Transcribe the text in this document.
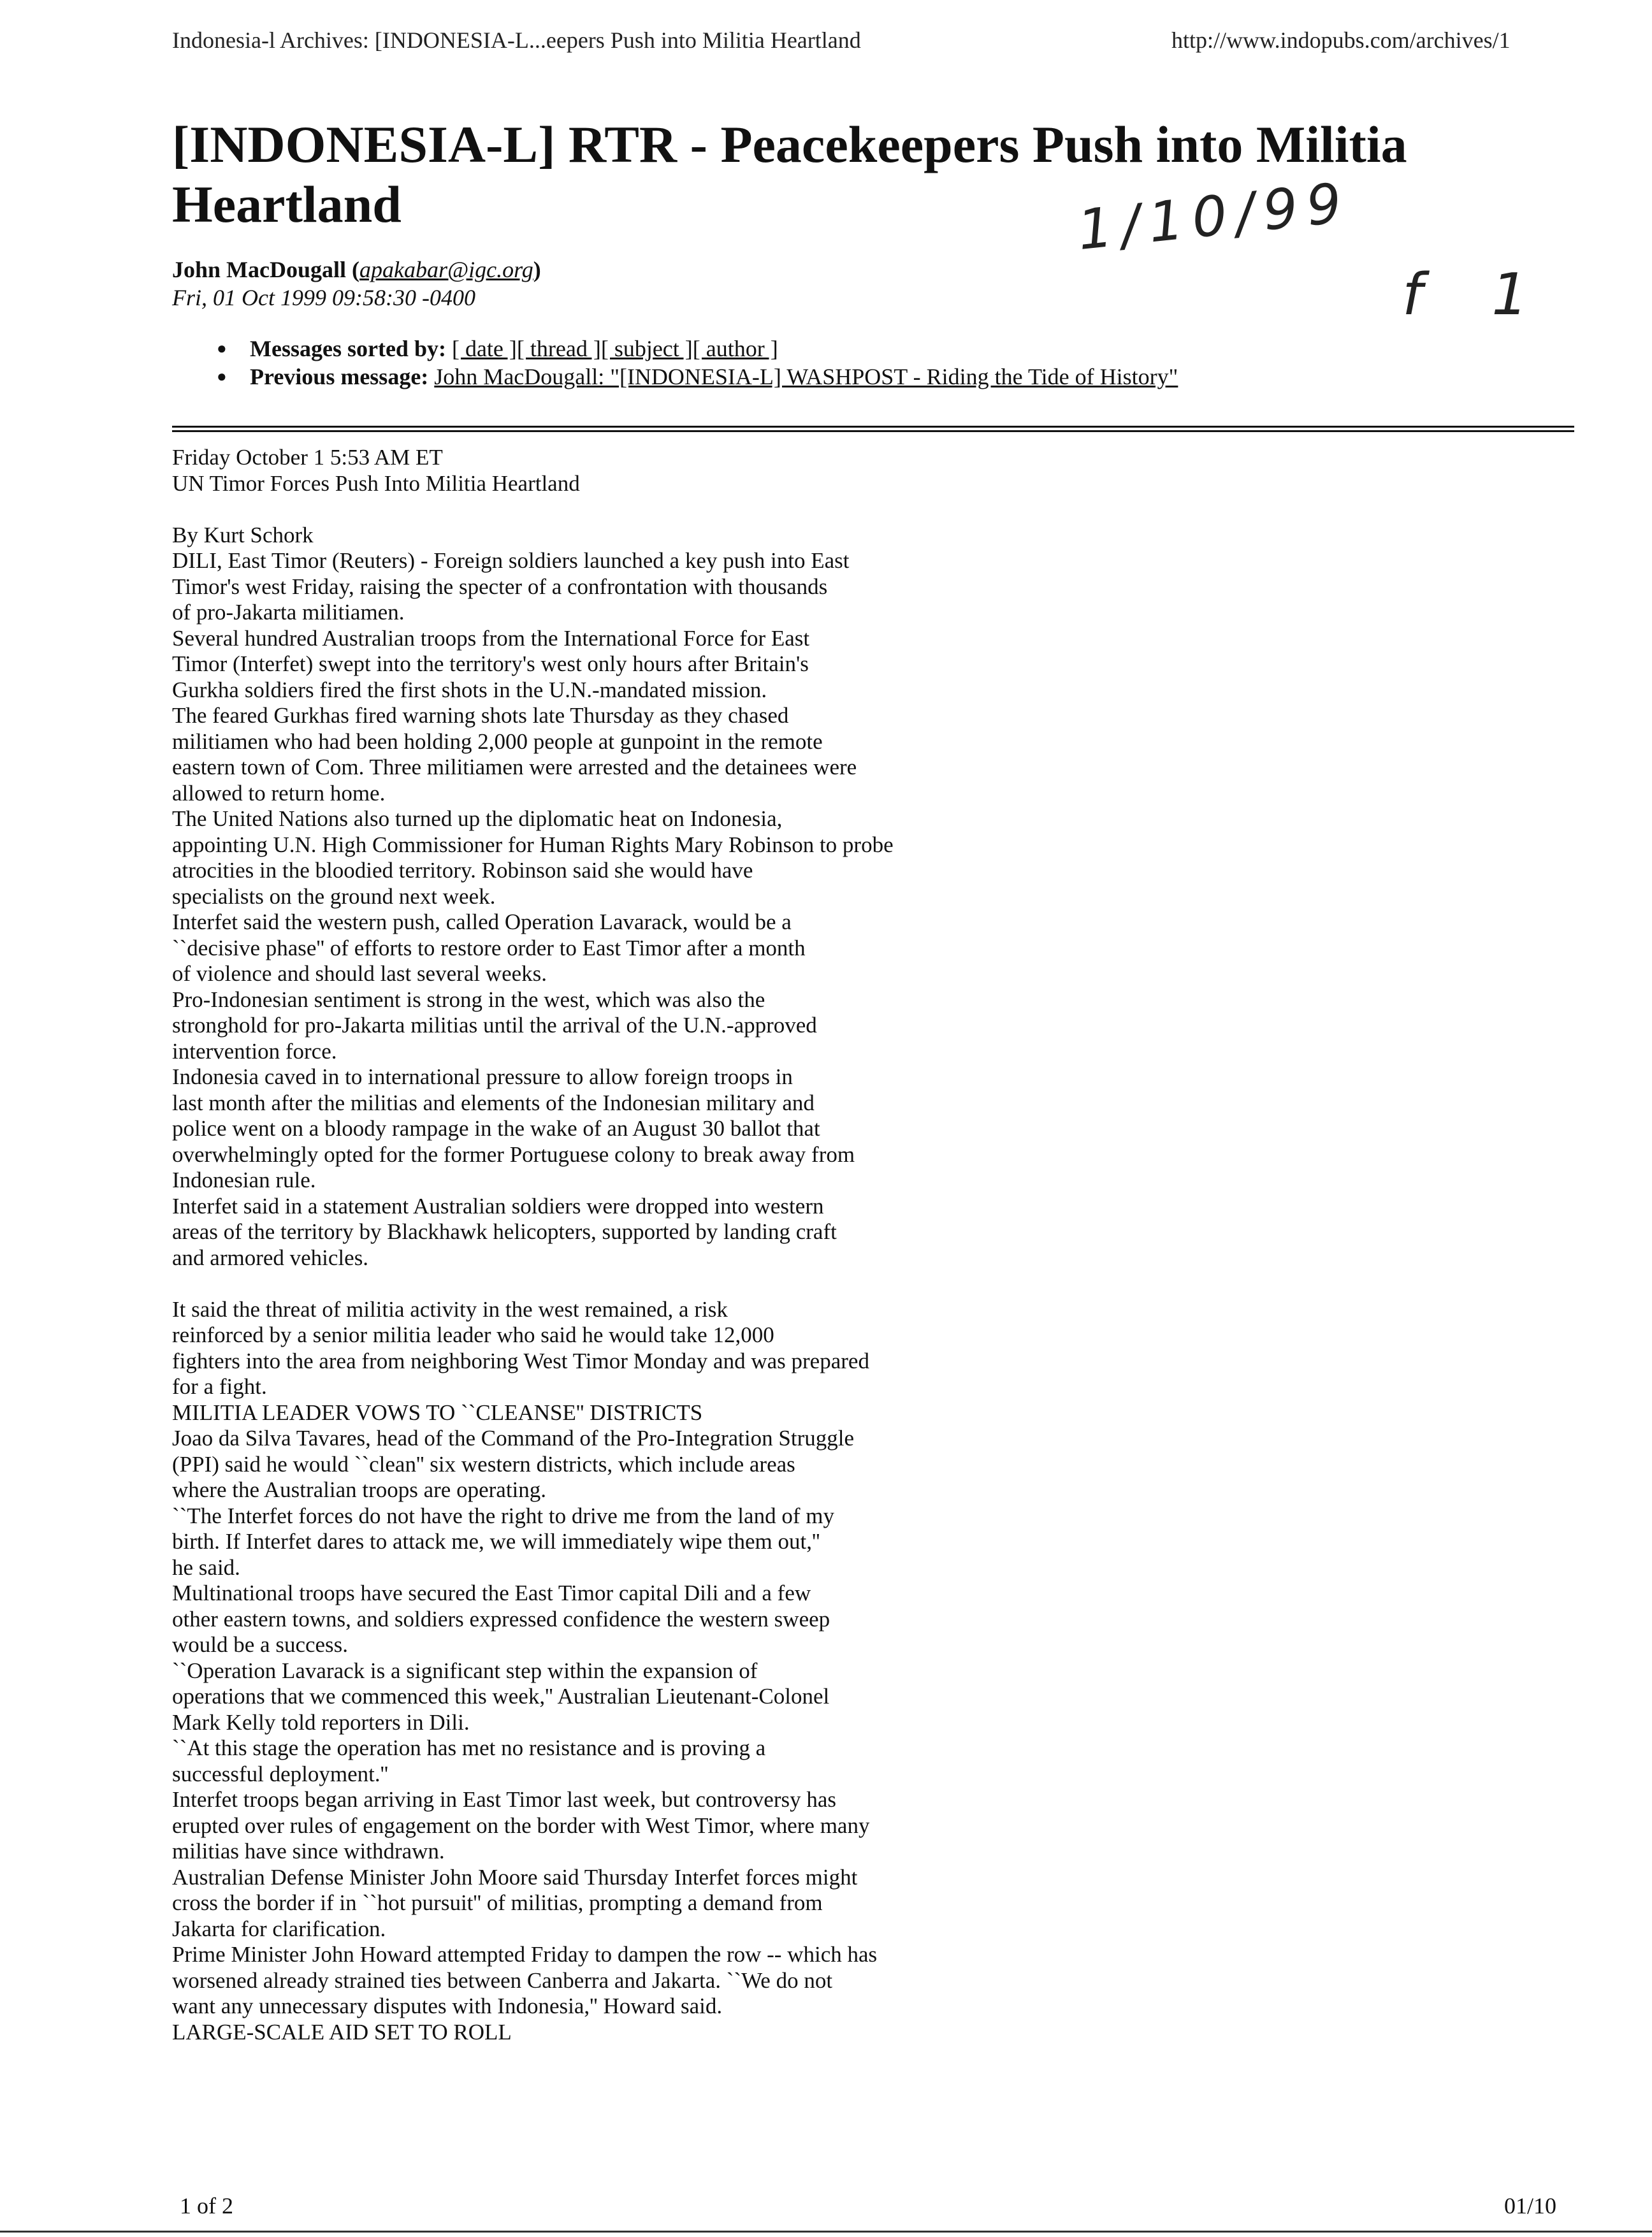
Indonesia-l Archives: [INDONESIA-L...eepers Push into Militia Heartland	http://www.indopubs.com/archives/1
[INDONESIA-L] RTR - Peacekeepers Push into Militia Heartland	1/10/99
f 1
John MacDougall (apakabar@igc.org)
Fri, 01 Oct 1999 09:58:30 -0400
● Messages sorted by: [ date ][ thread ][ subject ][ author ]
● Previous message: John MacDougall: "[INDONESIA-L] WASHPOST - Riding the Tide of History"
Friday October 1 5:53 AM ET
UN Timor Forces Push Into Militia Heartland
By Kurt Schork
DILI, East Timor (Reuters) - Foreign soldiers launched a key push into East
Timor's west Friday, raising the specter of a confrontation with thousands
of pro-Jakarta militiamen.
Several hundred Australian troops from the International Force for East
Timor (Interfet) swept into the territory's west only hours after Britain's
Gurkha soldiers fired the first shots in the U.N.-mandated mission.
The feared Gurkhas fired warning shots late Thursday as they chased
militiamen who had been holding 2,000 people at gunpoint in the remote
eastern town of Com. Three militiamen were arrested and the detainees were
allowed to return home.
The United Nations also turned up the diplomatic heat on Indonesia,
appointing U.N. High Commissioner for Human Rights Mary Robinson to probe
atrocities in the bloodied territory. Robinson said she would have
specialists on the ground next week.
Interfet said the western push, called Operation Lavarack, would be a
``decisive phase'' of efforts to restore order to East Timor after a month
of violence and should last several weeks.
Pro-Indonesian sentiment is strong in the west, which was also the
stronghold for pro-Jakarta militias until the arrival of the U.N.-approved
intervention force.
Indonesia caved in to international pressure to allow foreign troops in
last month after the militias and elements of the Indonesian military and
police went on a bloody rampage in the wake of an August 30 ballot that
overwhelmingly opted for the former Portuguese colony to break away from
Indonesian rule.
Interfet said in a statement Australian soldiers were dropped into western
areas of the territory by Blackhawk helicopters, supported by landing craft
and armored vehicles.
It said the threat of militia activity in the west remained, a risk
reinforced by a senior militia leader who said he would take 12,000
fighters into the area from neighboring West Timor Monday and was prepared
for a fight.
MILITIA LEADER VOWS TO ``CLEANSE'' DISTRICTS
Joao da Silva Tavares, head of the Command of the Pro-Integration Struggle
(PPI) said he would ``clean'' six western districts, which include areas
where the Australian troops are operating.
``The Interfet forces do not have the right to drive me from the land of my
birth. If Interfet dares to attack me, we will immediately wipe them out,''
he said.
Multinational troops have secured the East Timor capital Dili and a few
other eastern towns, and soldiers expressed confidence the western sweep
would be a success.
``Operation Lavarack is a significant step within the expansion of
operations that we commenced this week,'' Australian Lieutenant-Colonel
Mark Kelly told reporters in Dili.
``At this stage the operation has met no resistance and is proving a
successful deployment.''
Interfet troops began arriving in East Timor last week, but controversy has
erupted over rules of engagement on the border with West Timor, where many
militias have since withdrawn.
Australian Defense Minister John Moore said Thursday Interfet forces might
cross the border if in ``hot pursuit'' of militias, prompting a demand from
Jakarta for clarification.
Prime Minister John Howard attempted Friday to dampen the row -- which has
worsened already strained ties between Canberra and Jakarta. ``We do not
want any unnecessary disputes with Indonesia,'' Howard said.
LARGE-SCALE AID SET TO ROLL
1 of 2	01/10
